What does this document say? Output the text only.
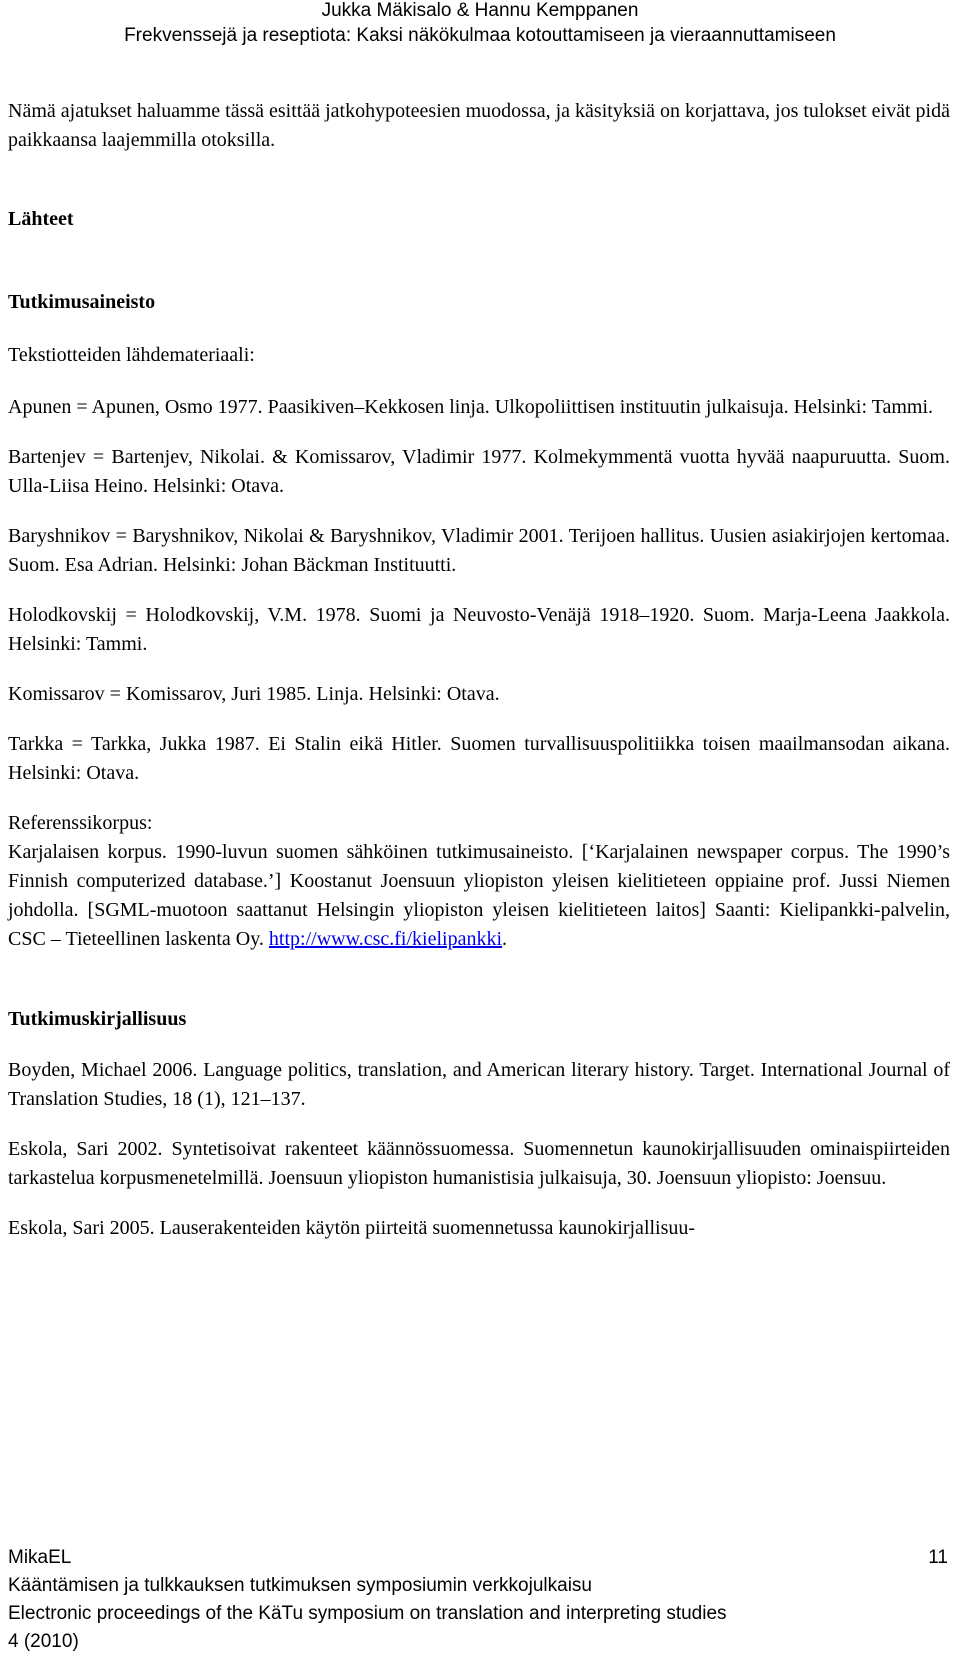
Jukka Mäkisalo & Hannu Kemppanen
Frekvenssejä ja reseptiota: Kaksi näkökulmaa kotouttamiseen ja vieraannuttamiseen

Nämä ajatukset haluamme tässä esittää jatkohypoteesien muodossa, ja käsityksiä on korjattava, jos tulokset eivät pidä paikkaansa laajemmilla otoksilla.

Lähteet
Tutkimusaineisto

Tekstiotteiden lähdemateriaali:

Apunen = Apunen, Osmo 1977. Paasikiven–Kekkosen linja. Ulkopoliittisen instituutin julkaisuja. Helsinki: Tammi.

Bartenjev = Bartenjev, Nikolai. & Komissarov, Vladimir 1977. Kolmekymmentä vuotta hyvää naapuruutta. Suom. Ulla-Liisa Heino. Helsinki: Otava.

Baryshnikov = Baryshnikov, Nikolai & Baryshnikov, Vladimir 2001. Terijoen hallitus. Uusien asiakirjojen kertomaa. Suom. Esa Adrian. Helsinki: Johan Bäckman Instituutti.

Holodkovskij = Holodkovskij, V.M. 1978. Suomi ja Neuvosto-Venäjä 1918–1920. Suom. Marja-Leena Jaakkola. Helsinki: Tammi.

Komissarov = Komissarov, Juri 1985. Linja. Helsinki: Otava.

Tarkka = Tarkka, Jukka 1987. Ei Stalin eikä Hitler. Suomen turvallisuuspolitiikka toisen maailmansodan aikana. Helsinki: Otava.

Referenssikorpus:

Karjalaisen korpus. 1990-luvun suomen sähköinen tutkimusaineisto. [‘Karjalainen newspaper corpus. The 1990’s Finnish computerized database.’] Koostanut Joensuun yliopiston yleisen kielitieteen oppiaine prof. Jussi Niemen johdolla. [SGML-muotoon saattanut Helsingin yliopiston yleisen kielitieteen laitos] Saanti: Kielipankki-palvelin, CSC – Tieteellinen laskenta Oy. http://www.csc.fi/kielipankki.

Tutkimuskirjallisuus

Boyden, Michael 2006. Language politics, translation, and American literary history. Target. International Journal of Translation Studies, 18 (1), 121–137.

Eskola, Sari 2002. Syntetisoivat rakenteet käännössuomessa. Suomennetun kaunokirjallisuuden ominaispiirteiden tarkastelua korpusmenetelmillä. Joensuun yliopiston humanistisia julkaisuja, 30. Joensuun yliopisto: Joensuu.

Eskola, Sari 2005. Lauserakenteiden käytön piirteitä suomennetussa kaunokirjallisuu-

MikaEL
Kääntämisen ja tulkkauksen tutkimuksen symposiumin verkkojulkaisu
Electronic proceedings of the KäTu symposium on translation and interpreting studies
4 (2010)
11
